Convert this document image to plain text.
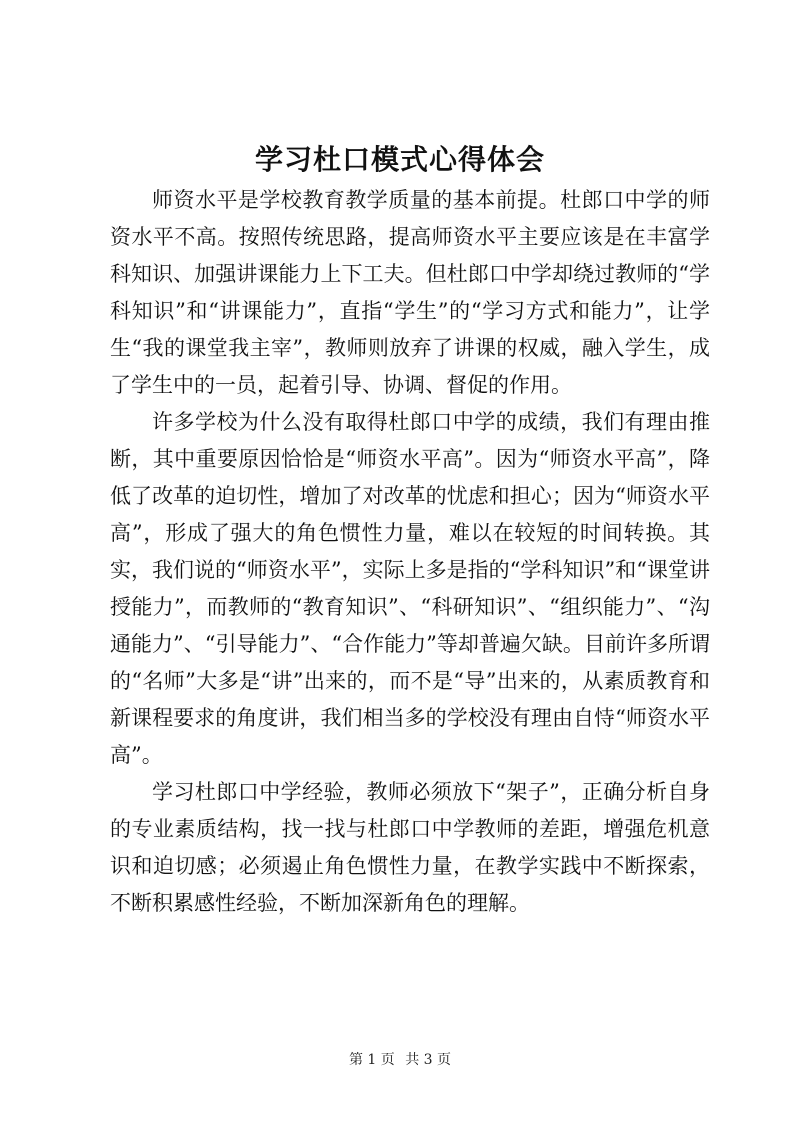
学习杜口模式心得体会

师资水平是学校教育教学质量的基本前提。杜郎口中学的师资水平不高。按照传统思路，提高师资水平主要应该是在丰富学科知识、加强讲课能力上下工夫。但杜郎口中学却绕过教师的“学科知识”和“讲课能力”，直指“学生”的“学习方式和能力”，让学生“我的课堂我主宰”，教师则放弃了讲课的权威，融入学生，成了学生中的一员，起着引导、协调、督促的作用。

许多学校为什么没有取得杜郎口中学的成绩，我们有理由推断，其中重要原因恰恰是“师资水平高”。因为“师资水平高”，降低了改革的迫切性，增加了对改革的忧虑和担心；因为“师资水平高”，形成了强大的角色惯性力量，难以在较短的时间转换。其实，我们说的“师资水平”，实际上多是指的“学科知识”和“课堂讲授能力”，而教师的“教育知识”、“科研知识”、“组织能力”、“沟通能力”、“引导能力”、“合作能力”等却普遍欠缺。目前许多所谓的“名师”大多是“讲”出来的，而不是“导”出来的，从素质教育和新课程要求的角度讲，我们相当多的学校没有理由自恃“师资水平高”。

学习杜郎口中学经验，教师必须放下“架子”，正确分析自身的专业素质结构，找一找与杜郎口中学教师的差距，增强危机意识和迫切感；必须遏止角色惯性力量，在教学实践中不断探索，不断积累感性经验，不断加深新角色的理解。

第 1 页 共 3 页
